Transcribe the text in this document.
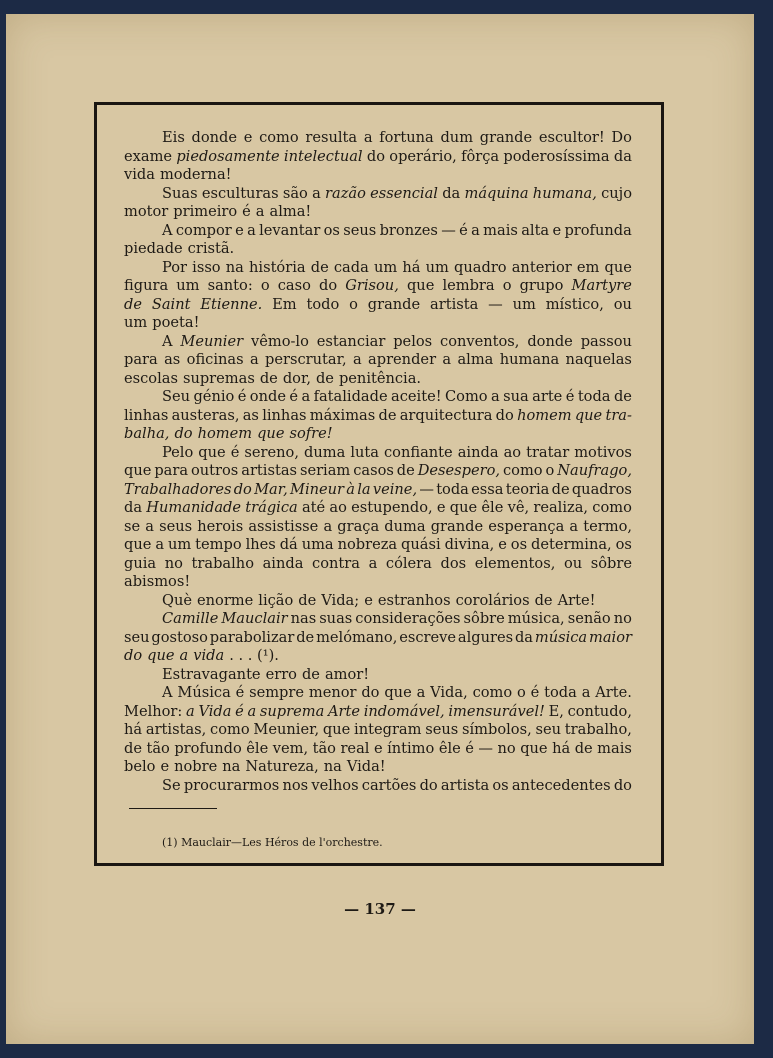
Eis donde e como resulta a fortuna dum grande escultor! Do
exame piedosamente intelectual do operário, fôrça poderosíssima da
vida moderna!
Suas esculturas são a razão essencial da máquina humana, cujo
motor primeiro é a alma!
A compor e a levantar os seus bronzes — é a mais alta e profunda
piedade cristã.
Por isso na história de cada um há um quadro anterior em que
figura um santo: o caso do Grisou, que lembra o grupo Martyre
de Saint Etienne. Em todo o grande artista — um místico, ou
um poeta!
A Meunier vêmo-lo estanciar pelos conventos, donde passou
para as oficinas a perscrutar, a aprender a alma humana naquelas
escolas supremas de dor, de penitência.
Seu génio é onde é a fatalidade aceite! Como a sua arte é toda de
linhas austeras, as linhas máximas de arquitectura do homem que tra-
balha, do homem que sofre!
Pelo que é sereno, duma luta confiante ainda ao tratar motivos
que para outros artistas seriam casos de Desespero, como o Naufrago,
Trabalhadores do Mar, Mineur à la veine, — toda essa teoria de quadros
da Humanidade trágica até ao estupendo, e que êle vê, realiza, como
se a seus herois assistisse a graça duma grande esperança a termo,
que a um tempo lhes dá uma nobreza quási divina, e os determina, os
guia no trabalho ainda contra a cólera dos elementos, ou sôbre
abismos!
Què enorme lição de Vida; e estranhos corolários de Arte!
Camille Mauclair nas suas considerações sôbre música, senão no
seu gostoso parabolizar de melómano, escreve algures da música maior
do que a vida . . . (¹).
Estravagante erro de amor!
A Música é sempre menor do que a Vida, como o é toda a Arte.
Melhor: a Vida é a suprema Arte indomável, imensurável! E, contudo,
há artistas, como Meunier, que integram seus símbolos, seu trabalho,
de tão profundo êle vem, tão real e íntimo êle é — no que há de mais
belo e nobre na Natureza, na Vida!
Se procurarmos nos velhos cartões do artista os antecedentes do
(1) Mauclair—Les Héros de l'orchestre.
— 137 —
